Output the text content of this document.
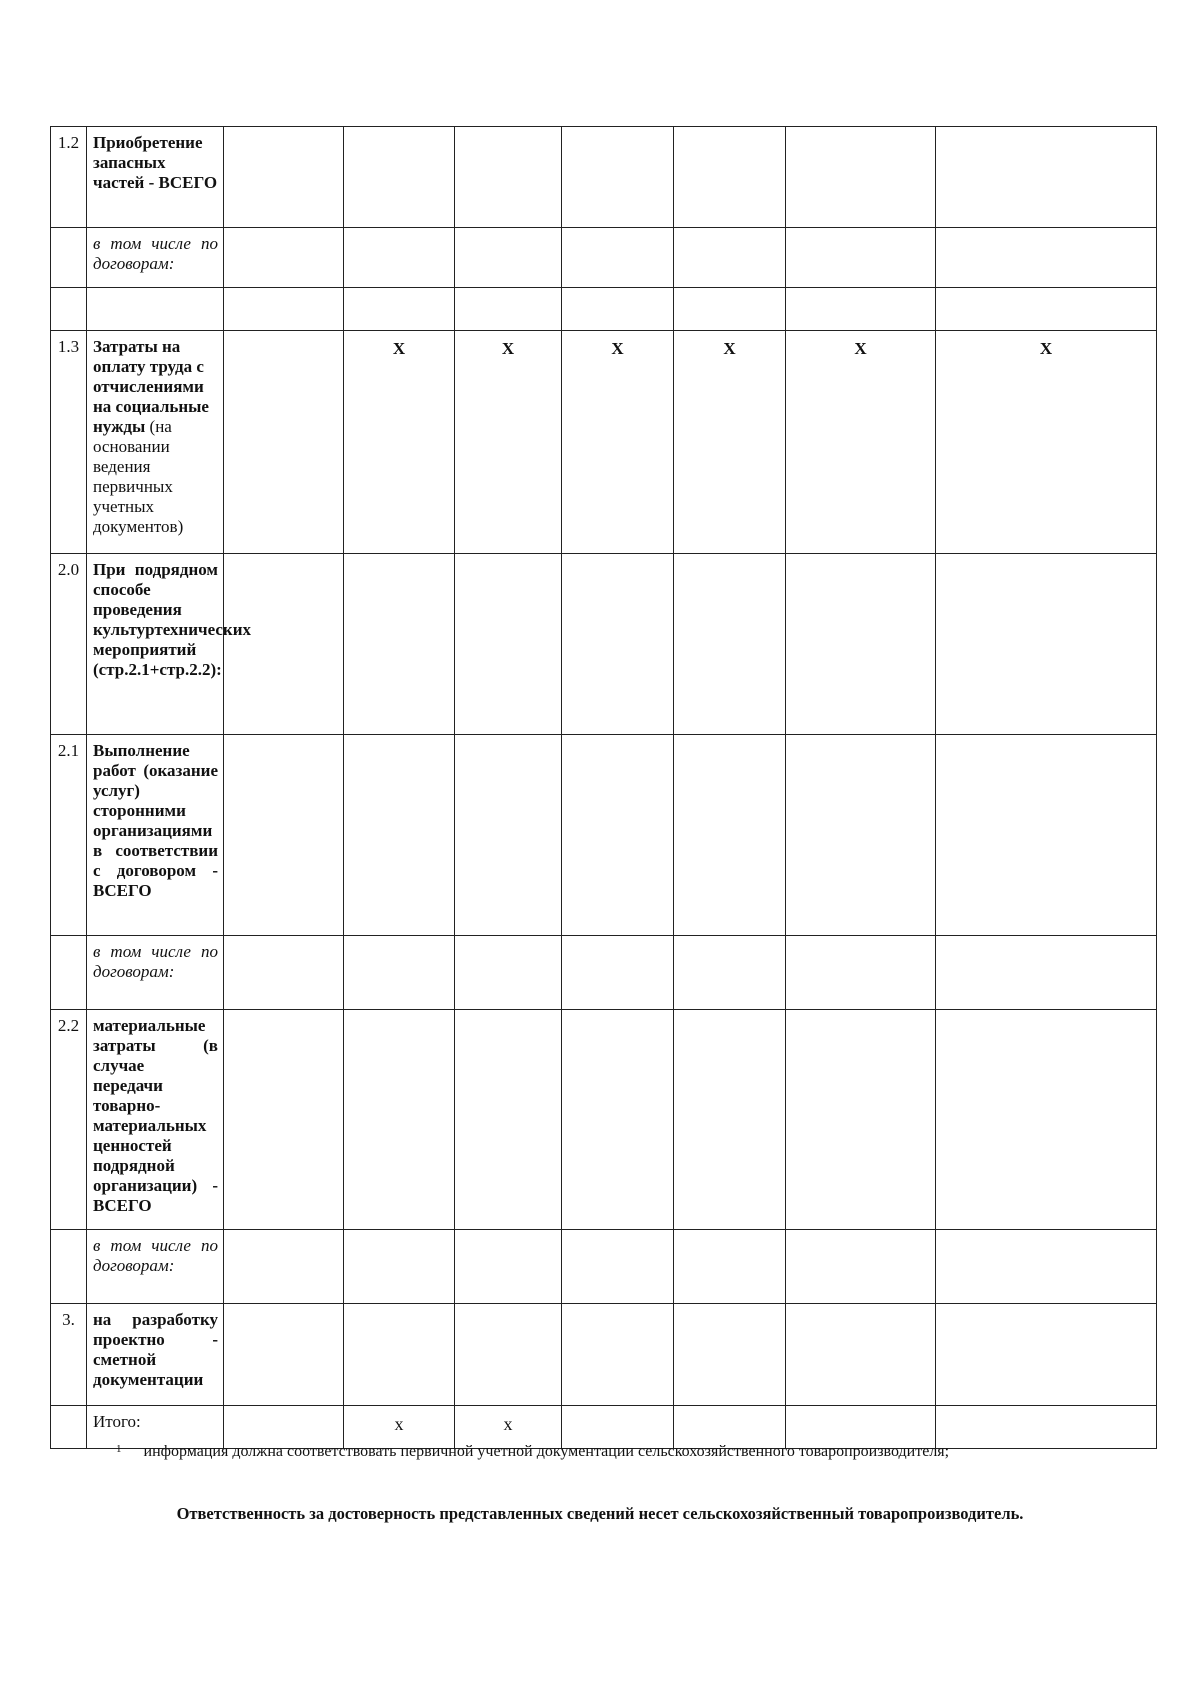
1.2	Приобретение запасных частей - ВСЕГО							
	в том числе по договорам:							

1.3	Затраты на оплату труда с отчислениями на социальные нужды (на основании ведения первичных учетных документов)		X	X	X	X	X	X
2.0	При подрядном способе проведения культуртехнических мероприятий (стр.2.1+стр.2.2):							
2.1	Выполнение работ (оказание услуг) сторонними организациями в соответствии с договором - ВСЕГО							
	в том числе по договорам:							
2.2	материальные затраты (в случае передачи товарно-материальных ценностей подрядной организации) - ВСЕГО							
	в том числе по договорам:							
3.	на разработку проектно - сметной документации							
	Итого:		x	x				
$^1$ информация должна соответствовать первичной учетной документации сельскохозяйственного товаропроизводителя;
Ответственность за достоверность представленных сведений несет сельскохозяйственный товаропроизводитель.
